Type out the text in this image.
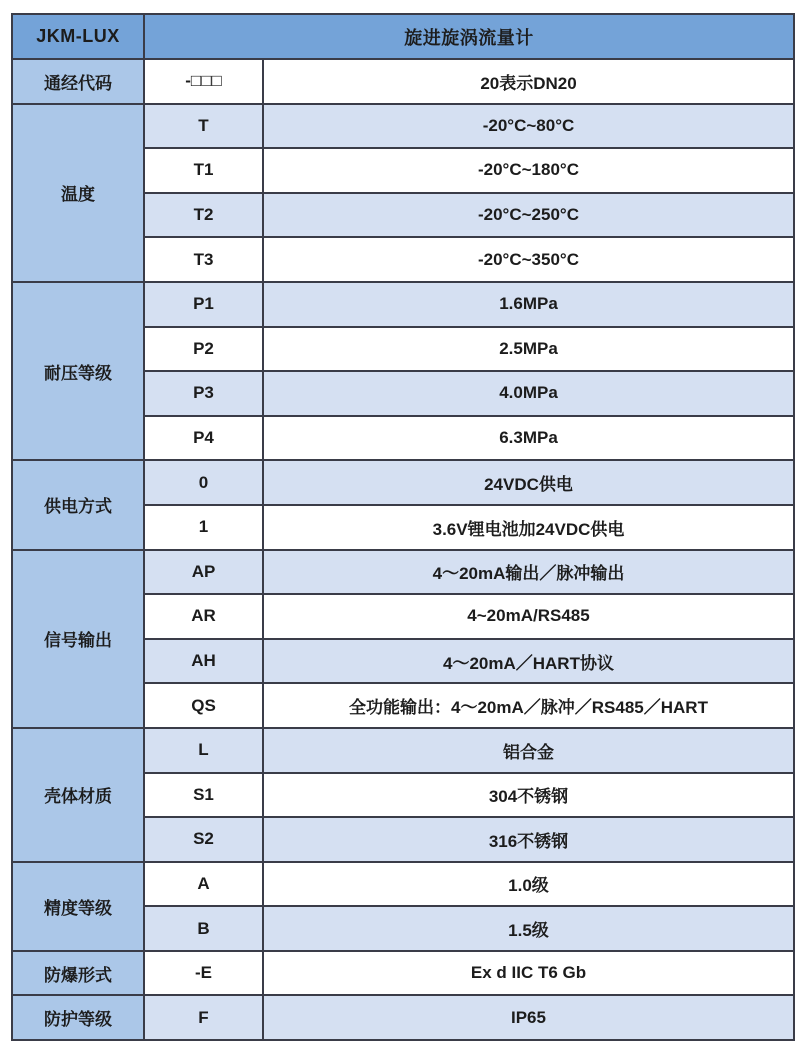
JKM-LUX	旋进旋涡流量计	
通经代码	-□□□	20表示DN20
温度	T	-20°C~80°C
	T1	-20°C~180°C
	T2	-20°C~250°C
	T3	-20°C~350°C
耐压等级	P1	1.6MPa
	P2	2.5MPa
	P3	4.0MPa
	P4	6.3MPa
供电方式	0	24VDC供电
	1	3.6V锂电池加24VDC供电
信号输出	AP	4～20mA输出／脉冲输出
	AR	4~20mA/RS485
	AH	4～20mA／HART协议
	QS	全功能输出：4～20mA／脉冲／RS485／HART
壳体材质	L	铝合金
	S1	304不锈钢
	S2	316不锈钢
精度等级	A	1.0级
	B	1.5级
防爆形式	-E	Ex d IIC T6 Gb
防护等级	F	IP65
